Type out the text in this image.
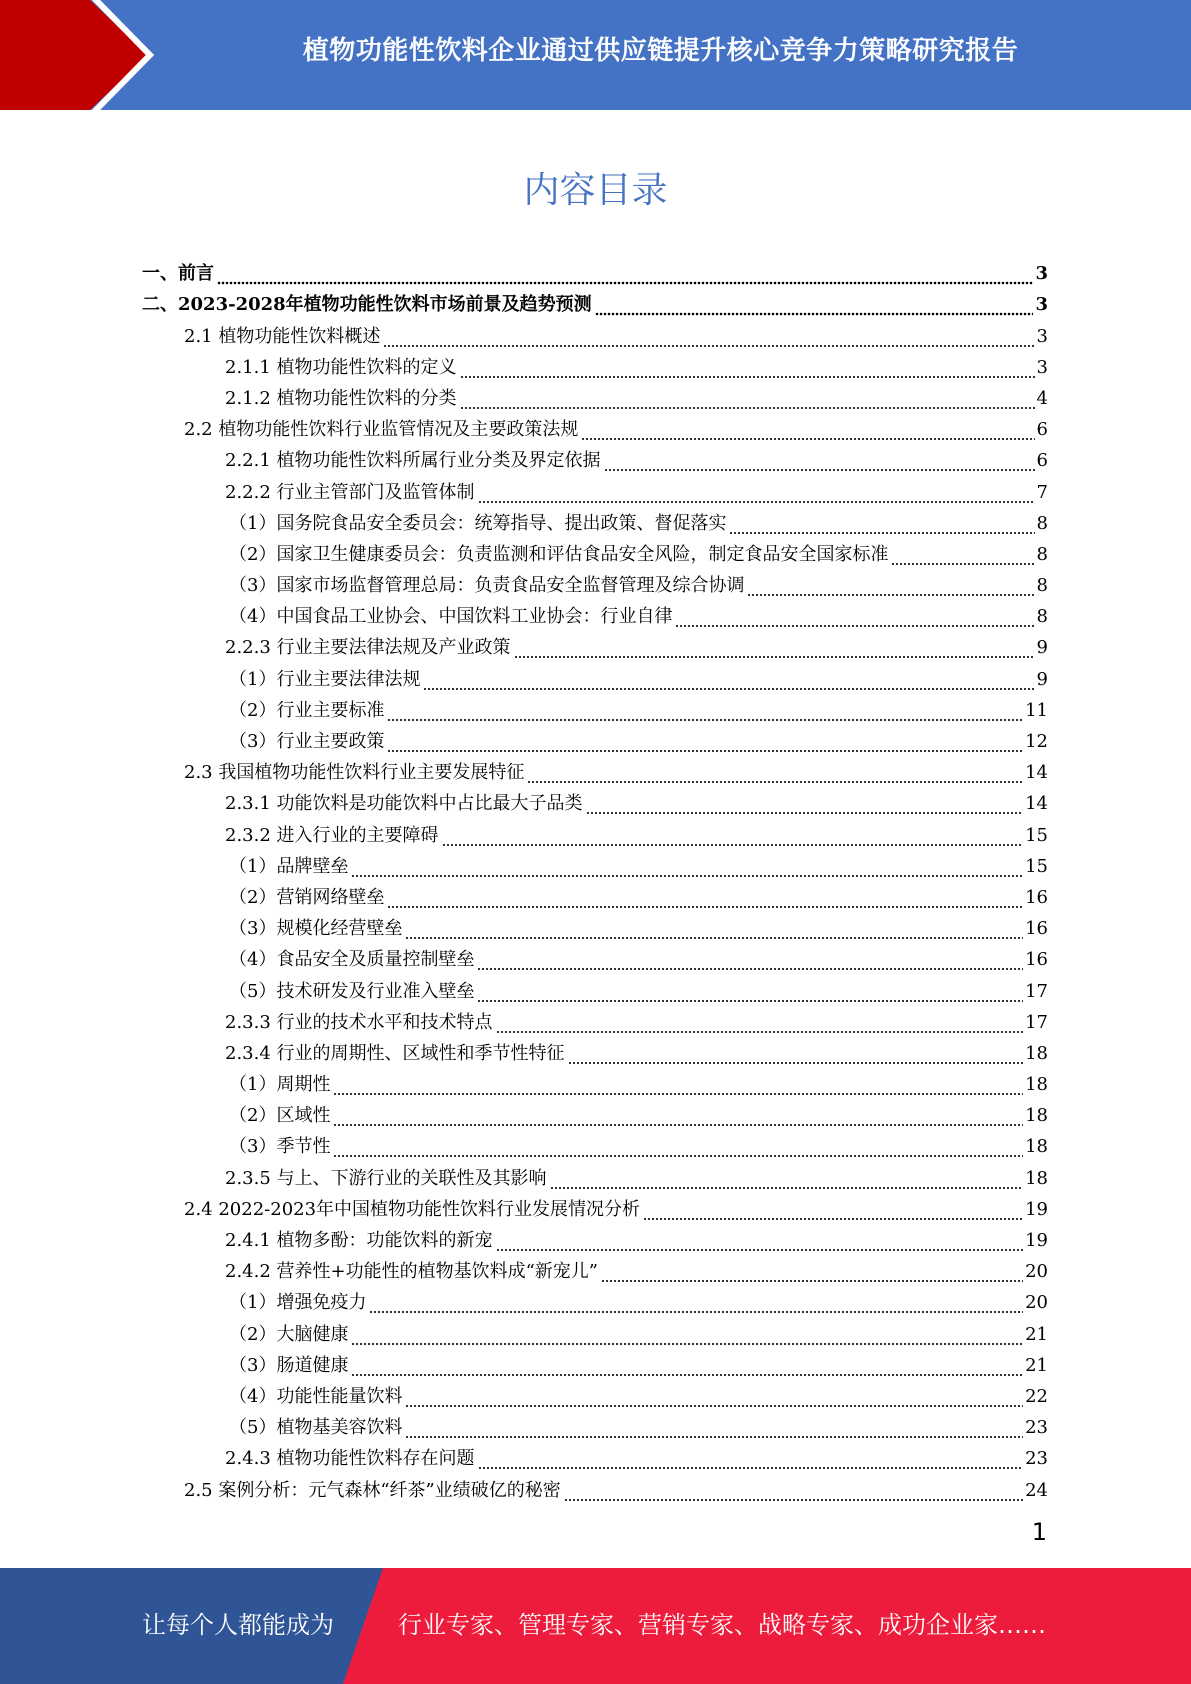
植物功能性饮料企业通过供应链提升核心竞争力策略研究报告
内容目录
一、前言	3
二、2023-2028年植物功能性饮料市场前景及趋势预测	3
2.1 植物功能性饮料概述	3
2.1.1 植物功能性饮料的定义	3
2.1.2 植物功能性饮料的分类	4
2.2 植物功能性饮料行业监管情况及主要政策法规	6
2.2.1 植物功能性饮料所属行业分类及界定依据	6
2.2.2 行业主管部门及监管体制	7
（1）国务院食品安全委员会：统筹指导、提出政策、督促落实	8
（2）国家卫生健康委员会：负责监测和评估食品安全风险，制定食品安全国家标准	8
（3）国家市场监督管理总局：负责食品安全监督管理及综合协调	8
（4）中国食品工业协会、中国饮料工业协会：行业自律	8
2.2.3 行业主要法律法规及产业政策	9
（1）行业主要法律法规	9
（2）行业主要标准	11
（3）行业主要政策	12
2.3 我国植物功能性饮料行业主要发展特征	14
2.3.1 功能饮料是功能饮料中占比最大子品类	14
2.3.2 进入行业的主要障碍	15
（1）品牌壁垒	15
（2）营销网络壁垒	16
（3）规模化经营壁垒	16
（4）食品安全及质量控制壁垒	16
（5）技术研发及行业准入壁垒	17
2.3.3 行业的技术水平和技术特点	17
2.3.4 行业的周期性、区域性和季节性特征	18
（1）周期性	18
（2）区域性	18
（3）季节性	18
2.3.5 与上、下游行业的关联性及其影响	18
2.4 2022-2023年中国植物功能性饮料行业发展情况分析	19
2.4.1 植物多酚：功能饮料的新宠	19
2.4.2 营养性+功能性的植物基饮料成“新宠儿”	20
（1）增强免疫力	20
（2）大脑健康	21
（3）肠道健康	21
（4）功能性能量饮料	22
（5）植物基美容饮料	23
2.4.3 植物功能性饮料存在问题	23
2.5 案例分析：元气森林“纤茶”业绩破亿的秘密	24
1
让每个人都能成为	行业专家、管理专家、营销专家、战略专家、成功企业家……
